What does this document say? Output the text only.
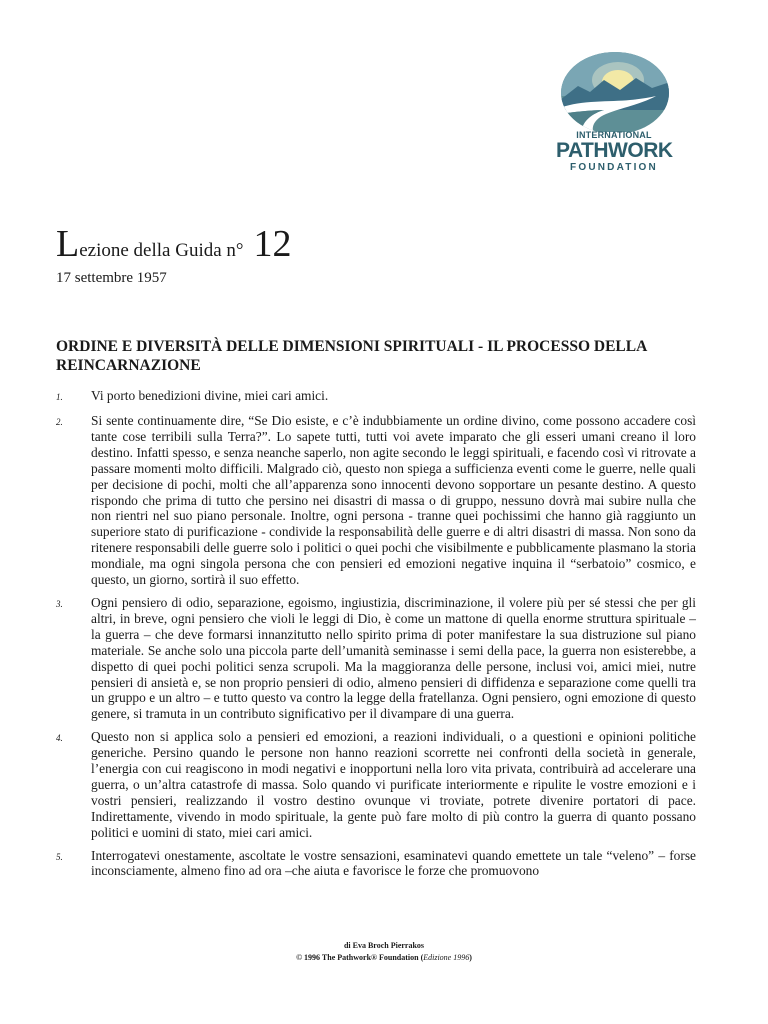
INTERNATIONAL
PATHWORK
FOUNDATION
Lezione della Guida n° 12
17 settembre 1957
ORDINE E DIVERSITÀ DELLE DIMENSIONI SPIRITUALI - IL PROCESSO DELLA REINCARNAZIONE
1.	Vi porto benedizioni divine, miei cari amici.
2.	Si sente continuamente dire, “Se Dio esiste, e c’è indubbiamente un ordine divino, come possono accadere così tante cose terribili sulla Terra?”. Lo sapete tutti, tutti voi avete imparato che gli esseri umani creano il loro destino. Infatti spesso, e senza neanche saperlo, non agite secondo le leggi spirituali, e facendo così vi ritrovate a passare momenti molto difficili. Malgrado ciò, questo non spiega a sufficienza eventi come le guerre, nelle quali per decisione di pochi, molti che all’apparenza sono innocenti devono sopportare un pesante destino. A questo rispondo che prima di tutto che persino nei disastri di massa o di gruppo, nessuno dovrà mai subire nulla che non rientri nel suo piano personale. Inoltre, ogni persona - tranne quei pochissimi che hanno già raggiunto un superiore stato di purificazione - condivide la responsabilità delle guerre e di altri disastri di massa. Non sono da ritenere responsabili delle guerre solo i politici o quei pochi che visibilmente e pubblicamente plasmano la storia mondiale, ma ogni singola persona che con pensieri ed emozioni negative inquina il “serbatoio” cosmico, e questo, un giorno, sortirà il suo effetto.
3.	Ogni pensiero di odio, separazione, egoismo, ingiustizia, discriminazione, il volere più per sé stessi che per gli altri, in breve, ogni pensiero che violi le leggi di Dio, è come un mattone di quella enorme struttura spirituale – la guerra – che deve formarsi innanzitutto nello spirito prima di poter manifestare la sua distruzione sul piano materiale. Se anche solo una piccola parte dell’umanità seminasse i semi della pace, la guerra non esisterebbe, a dispetto di quei pochi politici senza scrupoli. Ma la maggioranza delle persone, inclusi voi, amici miei, nutre pensieri di ansietà e, se non proprio pensieri di odio, almeno pensieri di diffidenza e separazione come quelli tra un gruppo e un altro – e tutto questo va contro la legge della fratellanza. Ogni pensiero, ogni emozione di questo genere, si tramuta in un contributo significativo per il divampare di una guerra.
4.	Questo non si applica solo a pensieri ed emozioni, a reazioni individuali, o a questioni e opinioni politiche generiche. Persino quando le persone non hanno reazioni scorrette nei confronti della società in generale, l’energia con cui reagiscono in modi negativi e inopportuni nella loro vita privata, contribuirà ad accelerare una guerra, o un’altra catastrofe di massa. Solo quando vi purificate interiormente e ripulite le vostre emozioni e i vostri pensieri, realizzando il vostro destino ovunque vi troviate, potrete divenire portatori di pace. Indirettamente, vivendo in modo spirituale, la gente può fare molto di più contro la guerra di quanto possano politici e uomini di stato, miei cari amici.
5.	Interrogatevi onestamente, ascoltate le vostre sensazioni, esaminatevi quando emettete un tale “veleno” – forse inconsciamente, almeno fino ad ora –che aiuta e favorisce le forze che promuovono
di Eva Broch Pierrakos
© 1996 The Pathwork® Foundation (Edizione 1996)
